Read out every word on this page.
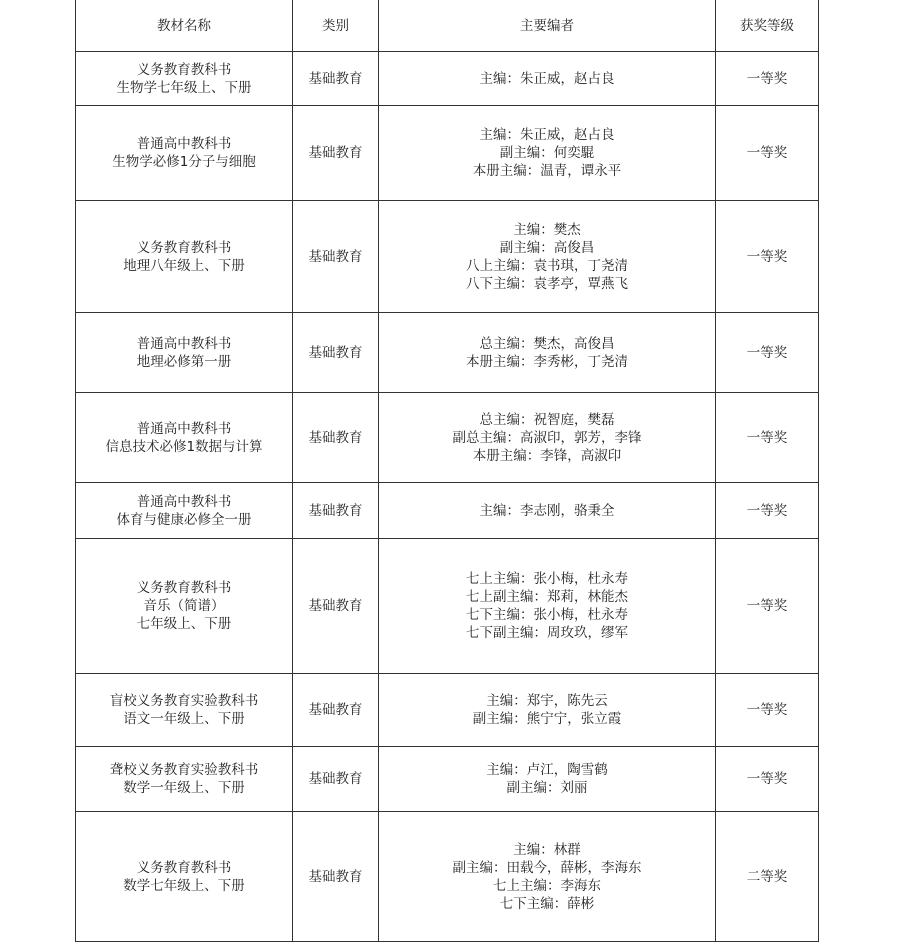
教材名称	类别	主要编者	获奖等级

义务教育教科书
生物学七年级上、下册	基础教育	主编：朱正威，赵占良	一等奖

普通高中教科书
生物学必修1分子与细胞	基础教育	主编：朱正威，赵占良
副主编：何奕騉
本册主编：温青，谭永平	一等奖

义务教育教科书
地理八年级上、下册	基础教育	主编：樊杰
副主编：高俊昌
八上主编：袁书琪，丁尧清
八下主编：袁孝亭，覃燕飞	一等奖

普通高中教科书
地理必修第一册	基础教育	总主编：樊杰，高俊昌
本册主编：李秀彬，丁尧清	一等奖

普通高中教科书
信息技术必修1数据与计算	基础教育	总主编：祝智庭，樊磊
副总主编：高淑印，郭芳，李锋
本册主编：李锋，高淑印	一等奖

普通高中教科书
体育与健康必修全一册	基础教育	主编：李志刚，骆秉全	一等奖

义务教育教科书
音乐（简谱）
七年级上、下册	基础教育	七上主编：张小梅，杜永寿
七上副主编：郑莉，林能杰
七下主编：张小梅，杜永寿
七下副主编：周玫玖，缪军	一等奖

盲校义务教育实验教科书
语文一年级上、下册	基础教育	主编：郑宇，陈先云
副主编：熊宁宁，张立霞	一等奖

聋校义务教育实验教科书
数学一年级上、下册	基础教育	主编：卢江，陶雪鹤
副主编：刘丽	一等奖

义务教育教科书
数学七年级上、下册	基础教育	主编：林群
副主编：田载今，薛彬，李海东
七上主编：李海东
七下主编：薛彬	二等奖
